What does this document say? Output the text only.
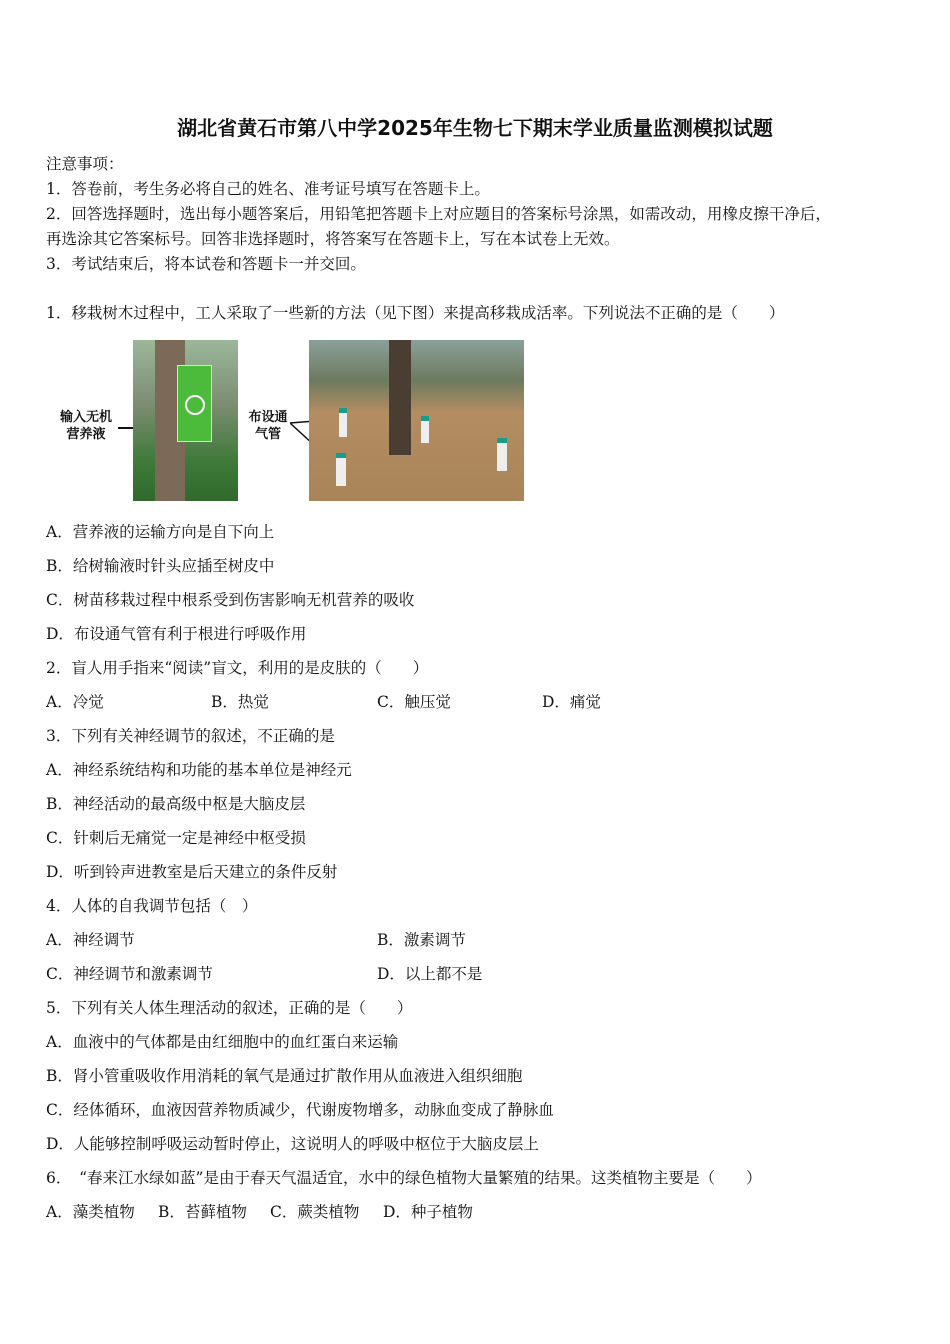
湖北省黄石市第八中学2025年生物七下期末学业质量监测模拟试题
注意事项：
1．答卷前，考生务必将自己的姓名、准考证号填写在答题卡上。
2．回答选择题时，选出每小题答案后，用铅笔把答题卡上对应题目的答案标号涂黑，如需改动，用橡皮擦干净后，
再选涂其它答案标号。回答非选择题时，将答案写在答题卡上，写在本试卷上无效。
3．考试结束后，将本试卷和答题卡一并交回。
1．移栽树木过程中，工人采取了一些新的方法（见下图）来提高移栽成活率。下列说法不正确的是（　　）
输入无机营养液
布设通气管
A．营养液的运输方向是自下向上
B．给树输液时针头应插至树皮中
C．树苗移栽过程中根系受到伤害影响无机营养的吸收
D．布设通气管有利于根进行呼吸作用
2．盲人用手指来“阅读”盲文，利用的是皮肤的（　　）
A．冷觉	B．热觉	C．触压觉	D．痛觉
3．下列有关神经调节的叙述，不正确的是
A．神经系统结构和功能的基本单位是神经元
B．神经活动的最高级中枢是大脑皮层
C．针刺后无痛觉一定是神经中枢受损
D．听到铃声进教室是后天建立的条件反射
4．人体的自我调节包括（　）
A．神经调节	B．激素调节
C．神经调节和激素调节	D．以上都不是
5．下列有关人体生理活动的叙述，正确的是（　　）
A．血液中的气体都是由红细胞中的血红蛋白来运输
B．肾小管重吸收作用消耗的氧气是通过扩散作用从血液进入组织细胞
C．经体循环，血液因营养物质减少，代谢废物增多，动脉血变成了静脉血
D．人能够控制呼吸运动暂时停止，这说明人的呼吸中枢位于大脑皮层上
6．　“春来江水绿如蓝”是由于春天气温适宜，水中的绿色植物大量繁殖的结果。这类植物主要是（　　）
A．藻类植物 B．苔藓植物 C．蕨类植物 D．种子植物
